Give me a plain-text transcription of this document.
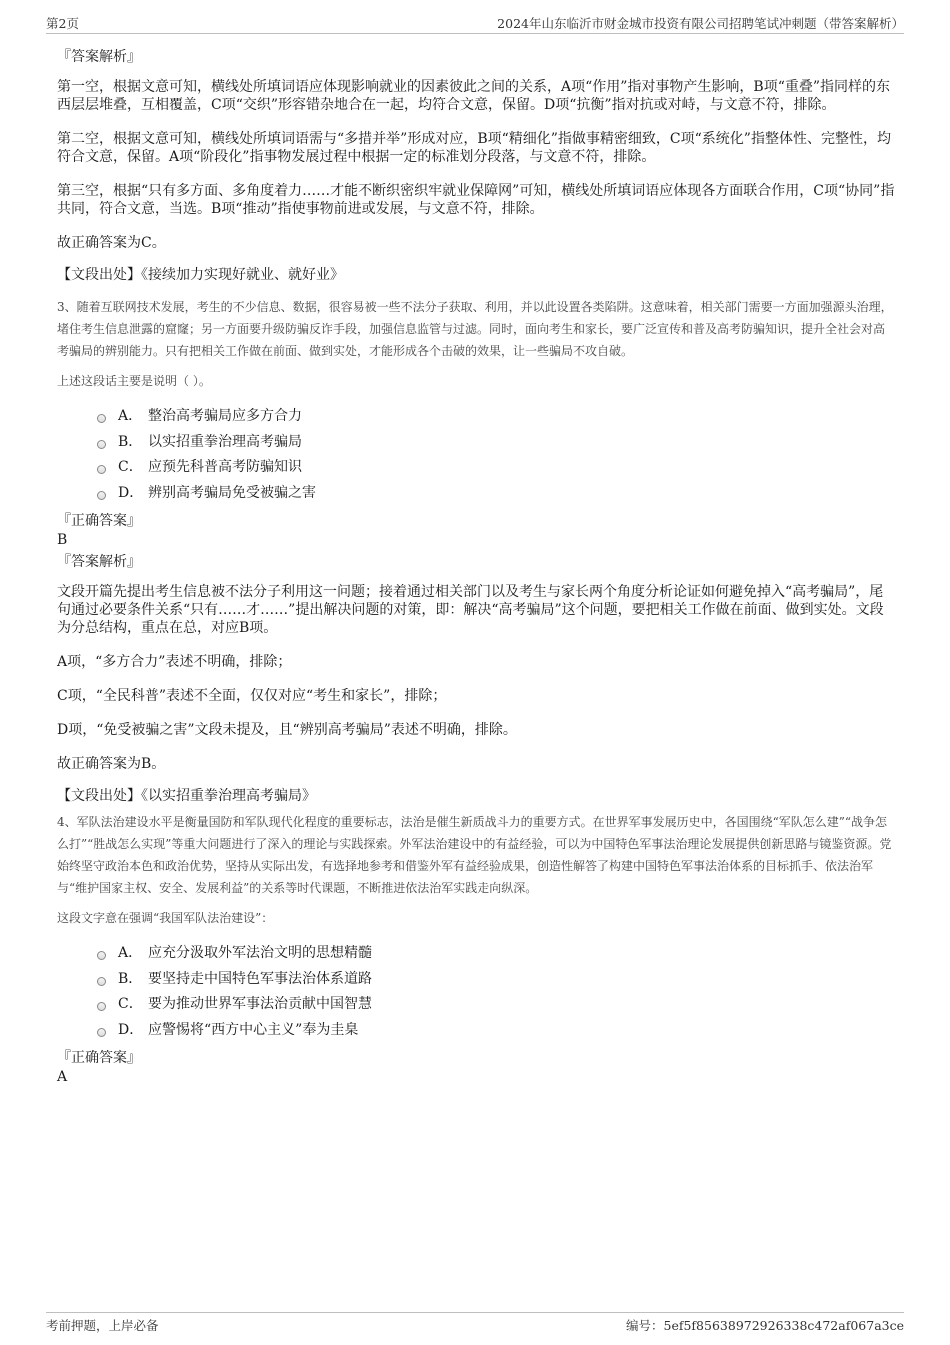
第2页	2024年山东临沂市财金城市投资有限公司招聘笔试冲刺题（带答案解析）

『答案解析』

第一空，根据文意可知，横线处所填词语应体现影响就业的因素彼此之间的关系，A项“作用”指对事物产生影响，B项“重叠”指同样的东西层层堆叠，互相覆盖，C项“交织”形容错杂地合在一起，均符合文意，保留。D项“抗衡”指对抗或对峙，与文意不符，排除。

第二空，根据文意可知，横线处所填词语需与“多措并举”形成对应，B项“精细化”指做事精密细致，C项“系统化”指整体性、完整性，均符合文意，保留。A项“阶段化”指事物发展过程中根据一定的标准划分段落，与文意不符，排除。

第三空，根据“只有多方面、多角度着力……才能不断织密织牢就业保障网”可知，横线处所填词语应体现各方面联合作用，C项“协同”指共同，符合文意，当选。B项“推动”指使事物前进或发展，与文意不符，排除。

故正确答案为C。

【文段出处】《接续加力实现好就业、就好业》

3、随着互联网技术发展，考生的不少信息、数据，很容易被一些不法分子获取、利用，并以此设置各类陷阱。这意味着，相关部门需要一方面加强源头治理，堵住考生信息泄露的窟窿；另一方面要升级防骗反诈手段，加强信息监管与过滤。同时，面向考生和家长，要广泛宣传和普及高考防骗知识，提升全社会对高考骗局的辨别能力。只有把相关工作做在前面、做到实处，才能形成各个击破的效果，让一些骗局不攻自破。

上述这段话主要是说明（ ）。

A． 整治高考骗局应多方合力
B． 以实招重拳治理高考骗局
C． 应预先科普高考防骗知识
D． 辨别高考骗局免受被骗之害

『正确答案』

B

『答案解析』

文段开篇先提出考生信息被不法分子利用这一问题；接着通过相关部门以及考生与家长两个角度分析论证如何避免掉入“高考骗局”，尾句通过必要条件关系“只有……才……”提出解决问题的对策，即：解决“高考骗局”这个问题，要把相关工作做在前面、做到实处。文段为分总结构，重点在总，对应B项。

A项，“多方合力”表述不明确，排除；

C项，“全民科普”表述不全面，仅仅对应“考生和家长”，排除；

D项，“免受被骗之害”文段未提及，且“辨别高考骗局”表述不明确，排除。

故正确答案为B。

【文段出处】《以实招重拳治理高考骗局》

4、军队法治建设水平是衡量国防和军队现代化程度的重要标志，法治是催生新质战斗力的重要方式。在世界军事发展历史中，各国围绕“军队怎么建”“战争怎么打”“胜战怎么实现”等重大问题进行了深入的理论与实践探索。外军法治建设中的有益经验，可以为中国特色军事法治理论发展提供创新思路与镜鉴资源。党始终坚守政治本色和政治优势，坚持从实际出发，有选择地参考和借鉴外军有益经验成果，创造性解答了构建中国特色军事法治体系的目标抓手、依法治军与“维护国家主权、安全、发展利益”的关系等时代课题，不断推进依法治军实践走向纵深。

这段文字意在强调“我国军队法治建设”：

A． 应充分汲取外军法治文明的思想精髓
B． 要坚持走中国特色军事法治体系道路
C． 要为推动世界军事法治贡献中国智慧
D． 应警惕将“西方中心主义”奉为圭臬

『正确答案』

A

考前押题，上岸必备	编号：5ef5f85638972926338c472af067a3ce
